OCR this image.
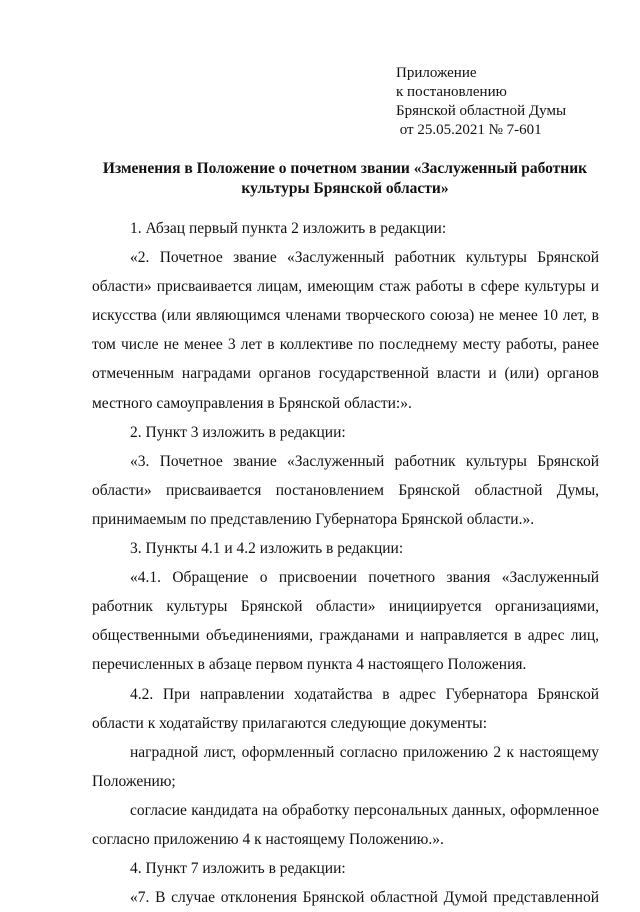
Приложение
к постановлению
Брянской областной Думы
от 25.05.2021 № 7-601
Изменения в Положение о почетном звании «Заслуженный работник
культуры Брянской области»

1. Абзац первый пункта 2 изложить в редакции:

«2. Почетное звание «Заслуженный работник культуры Брянской области» присваивается лицам, имеющим стаж работы в сфере культуры и искусства (или являющимся членами творческого союза) не менее 10 лет, в том числе не менее 3 лет в коллективе по последнему месту работы, ранее отмеченным наградами органов государственной власти и (или) органов местного самоуправления в Брянской области:».

2. Пункт 3 изложить в редакции:

«3. Почетное звание «Заслуженный работник культуры Брянской области» присваивается постановлением Брянской областной Думы, принимаемым по представлению Губернатора Брянской области.».

3. Пункты 4.1 и 4.2 изложить в редакции:

«4.1. Обращение о присвоении почетного звания «Заслуженный работник культуры Брянской области» инициируется организациями, общественными объединениями, гражданами и направляется в адрес лиц, перечисленных в абзаце первом пункта 4 настоящего Положения.

4.2. При направлении ходатайства в адрес Губернатора Брянской области к ходатайству прилагаются следующие документы:

наградной лист, оформленный согласно приложению 2 к настоящему Положению;

согласие кандидата на обработку персональных данных, оформленное согласно приложению 4 к настоящему Положению.».

4. Пункт 7 изложить в редакции:

«7. В случае отклонения Брянской областной Думой представленной
